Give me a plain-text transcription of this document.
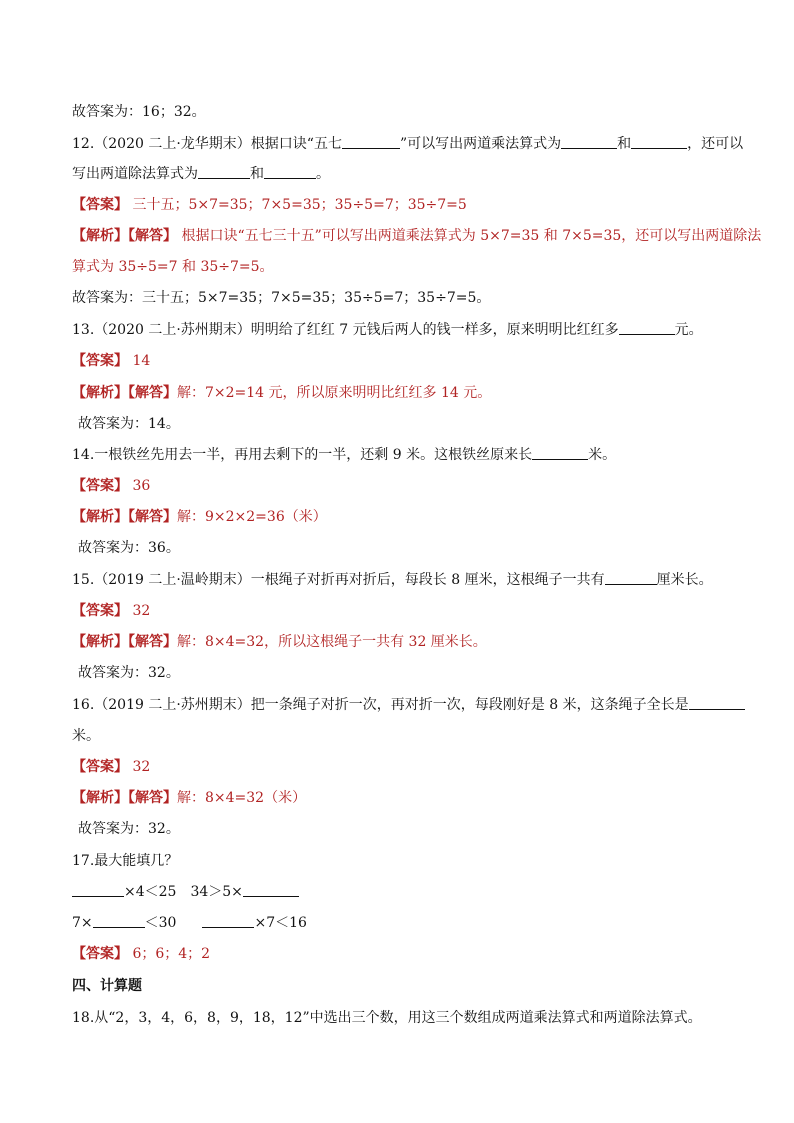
故答案为：16；32。
12.（2020 二上·龙华期末）根据口诀“五七	”可以写出两道乘法算式为	和	，还可以
写出两道除法算式为	和	。
【答案】 三十五；5×7=35；7×5=35；35÷5=7；35÷7=5
【解析】【解答】 根据口诀“五七三十五”可以写出两道乘法算式为 5×7=35 和 7×5=35，还可以写出两道除法
算式为 35÷5=7 和 35÷7=5。
故答案为：三十五；5×7=35；7×5=35；35÷5=7；35÷7=5。
13.（2020 二上·苏州期末）明明给了红红 7 元钱后两人的钱一样多，原来明明比红红多	元。
【答案】 14
【解析】【解答】解：7×2=14 元，所以原来明明比红红多 14 元。
故答案为：14。
14.一根铁丝先用去一半，再用去剩下的一半，还剩 9 米。这根铁丝原来长	米。
【答案】 36
【解析】【解答】解：9×2×2=36（米）
故答案为：36。
15.（2019 二上·温岭期末）一根绳子对折再对折后，每段长 8 厘米，这根绳子一共有	厘米长。
【答案】 32
【解析】【解答】解：8×4=32，所以这根绳子一共有 32 厘米长。
故答案为：32。
16.（2019 二上·苏州期末）把一条绳子对折一次，再对折一次，每段刚好是 8 米，这条绳子全长是
米。
【答案】 32
【解析】【解答】解：8×4=32（米）
故答案为：32。
17.最大能填几？
×4＜25 34＞5×
7×	＜30	×7＜16
【答案】 6；6；4；2
四、计算题
18.从“2，3，4，6，8，9，18，12”中选出三个数，用这三个数组成两道乘法算式和两道除法算式。
